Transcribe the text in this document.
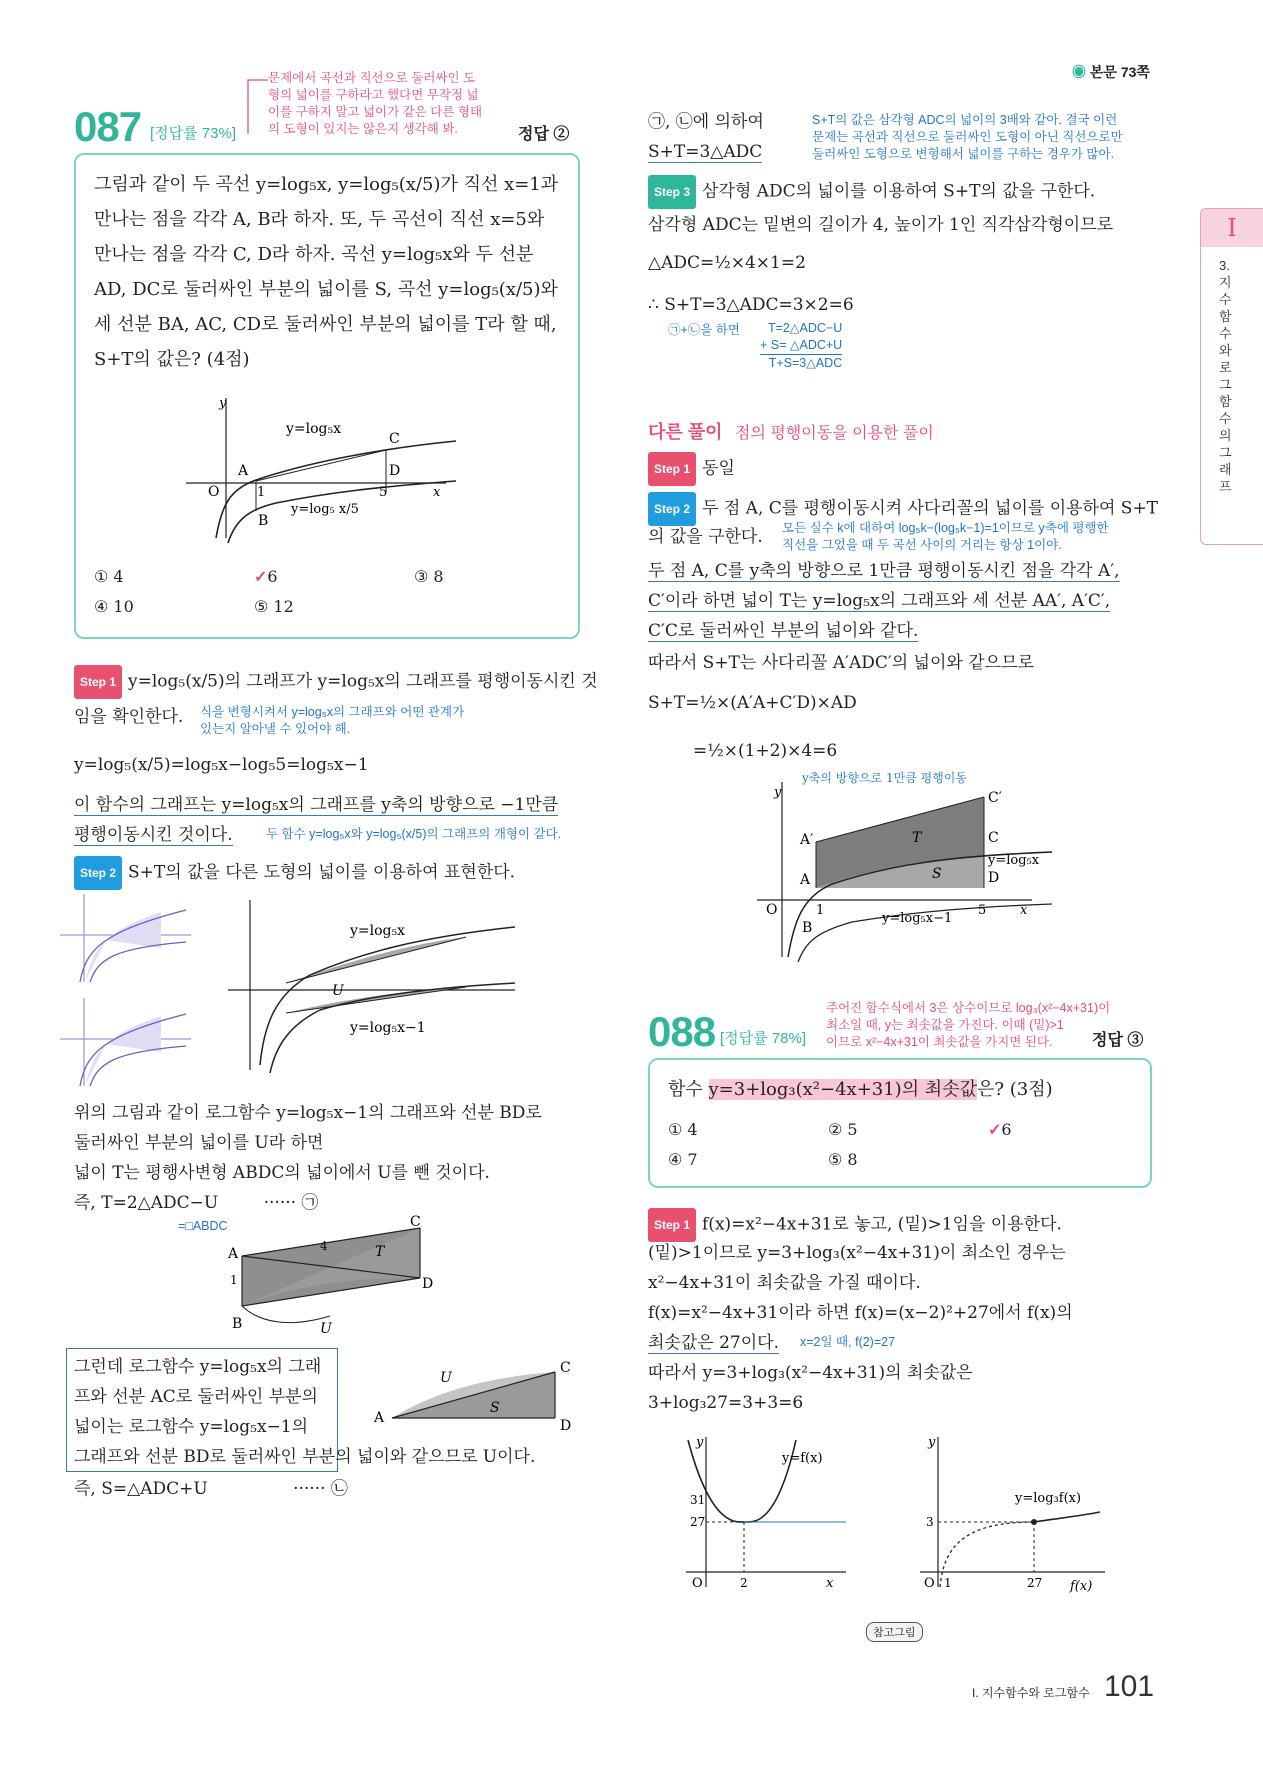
◉ 본문 73쪽
I
3.지수함수와로그함수의그래프
문제에서 곡선과 직선으로 둘러싸인 도
형의 넓이를 구하라고 했다면 무작정 넓
이를 구하지 말고 넓이가 같은 다른 형태
의 도형이 있지는 않은지 생각해 봐.
087 [정답률 73%]	정답 ②

그림과 같이 두 곡선 y=log₅x, y=log₅(x/5)가 직선 x=1과

만나는 점을 각각 A, B라 하자. 또, 두 곡선이 직선 x=5와

만나는 점을 각각 C, D라 하자. 곡선 y=log₅x와 두 선분

AD, DC로 둘러싸인 부분의 넓이를 S, 곡선 y=log₅(x/5)와

세 선분 BA, AC, CD로 둘러싸인 부분의 넓이를 T라 할 때,

S+T의 값은? (4점)

y
y=log₅x
C
A	D
O	1	5	x
y=log₅ x/5
B
① 4	✓6	③ 8
④ 10	⑤ 12
Step 1 y=log₅(x/5)의 그래프가 y=log₅x의 그래프를 평행이동시킨 것
임을 확인한다. 식을 변형시켜서 y=log₅x의 그래프와 어떤 관계가
있는지 알아낼 수 있어야 해.
y=log₅(x/5)=log₅x−log₅5=log₅x−1
이 함수의 그래프는 y=log₅x의 그래프를 y축의 방향으로 −1만큼
평행이동시킨 것이다.	두 함수 y=log₅x와 y=log₅(x/5)의 그래프의 개형이 같다.
Step 2 S+T의 값을 다른 도형의 넓이를 이용하여 표현한다.
y=log₅x
y=log₅x−1
U
위의 그림과 같이 로그함수 y=log₅x−1의 그래프와 선분 BD로
둘러싸인 부분의 넓이를 U라 하면
넓이 T는 평행사변형 ABDC의 넓이에서 U를 뺀 것이다.
즉, T=2△ADC−U	······ ㉠
=□ABDC
A
B
C
D
T
4
1
U
그런데 로그함수 y=log₅x의 그래
프와 선분 AC로 둘러싸인 부분의
넓이는 로그함수 y=log₅x−1의
그래프와 선분 BD로 둘러싸인 부분의 넓이와 같으므로 U이다.
즉, S=△ADC+U	······ ㉡
A
C
D
S
U
㉠, ㉡에 의하여
S+T=3△ADC
S+T의 값은 삼각형 ADC의 넓이의 3배와 같아. 결국 이런
문제는 곡선과 직선으로 둘러싸인 도형이 아닌 직선으로만
둘러싸인 도형으로 변형해서 넓이를 구하는 경우가 많아.
Step 3 삼각형 ADC의 넓이를 이용하여 S+T의 값을 구한다.
삼각형 ADC는 밑변의 길이가 4, 높이가 1인 직각삼각형이므로
△ADC=½×4×1=2
∴ S+T=3△ADC=3×2=6
㉠+㉡을 하면	T=2△ADC−U
+ S= △ADC+U
T+S=3△ADC
다른 풀이 점의 평행이동을 이용한 풀이
Step 1 동일
Step 2 두 점 A, C를 평행이동시켜 사다리꼴의 넓이를 이용하여 S+T
의 값을 구한다. 모든 실수 k에 대하여 log₅k−(log₅k−1)=1이므로 y축에 평행한
직선을 그었을 때 두 곡선 사이의 거리는 항상 1이야.
두 점 A, C를 y축의 방향으로 1만큼 평행이동시킨 점을 각각 A′,
C′이라 하면 넓이 T는 y=log₅x의 그래프와 세 선분 AA′, A′C′,
C′C로 둘러싸인 부분의 넓이와 같다.
따라서 S+T는 사다리꼴 A′ADC′의 넓이와 같으므로
S+T=½×(A′A+C′D)×AD
=½×(1+2)×4=6
y축의 방향으로 1만큼 평행이동
A′
A
C′
C
D
T
S
y=log₅x
y=log₅x−1
O	1	5
B
x
y
주어진 함수식에서 3은 상수이므로 log₃(x²−4x+31)이
최소일 때, y는 최솟값을 가진다. 이때 (밑)>1
이므로 x²−4x+31이 최솟값을 가지면 된다.
088 [정답률 78%]	정답 ③
함수 y=3+log₃(x²−4x+31)의 최솟값은? (3점)
① 4	② 5	✓6
④ 7	⑤ 8
Step 1 f(x)=x²−4x+31로 놓고, (밑)>1임을 이용한다.
(밑)>1이므로 y=3+log₃(x²−4x+31)이 최소인 경우는
x²−4x+31이 최솟값을 가질 때이다.
f(x)=x²−4x+31이라 하면 f(x)=(x−2)²+27에서 f(x)의
최솟값은 27이다. x=2일 때, f(2)=27
따라서 y=3+log₃(x²−4x+31)의 최솟값은
3+log₃27=3+3=6
y=f(x)
31
27
O	2	x
y
y=log₃f(x)
3
O 1	27 f(x)
y
참고그림
I. 지수함수와 로그함수 101
